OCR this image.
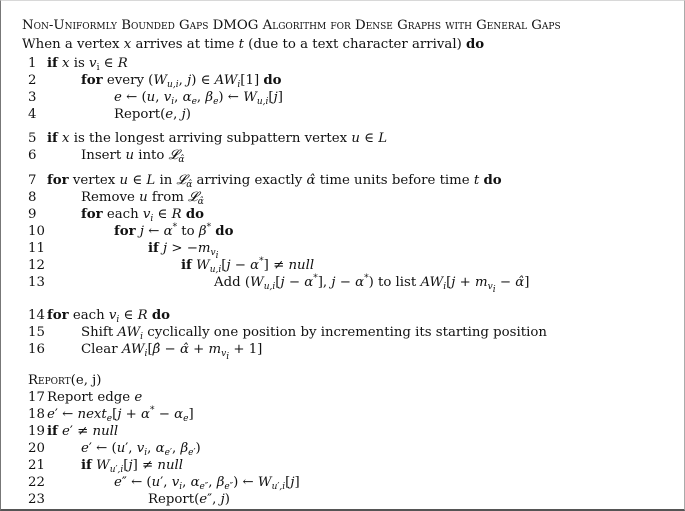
Non-Uniformly Bounded Gaps DMOG Algorithm for Dense Graphs with General Gaps
When a vertex x arrives at time t (due to a text character arrival) do
1 if x is $v_i$ ∈ R
2	for every ($W_{u,i}$, j) ∈ $AW_i[1]$ do
3	e ← (u, $v_i$, $\alpha_e$, $\beta_e$) ← $W_{u,i}[j]$
4	Report(e, j)
5 if x is the longest arriving subpattern vertex u ∈ L
6	Insert u into 𝓛$_{\alphâ}$
7 for vertex u ∈ L in 𝓛$_{\alphâ}$ arriving exactly α̂ time units before time t do
8	Remove u from 𝓛$_{\alphâ}$
9	for each $v_i$ ∈ R do
10	for j ← α* to β* do
11	if $j > -m_{v_i}$
12	if $W_{u,i}[j - \alpha^*]$ ≠ null
13	Add ($W_{u,i}[j - \alpha^*]$, j − α*) to list $AW_i[j + m_{v_i}$ − α̂]
14 for each $v_i$ ∈ R do
15	Shift $AW_i$ cyclically one position by incrementing its starting position
16	Clear $AW_i[\betâ$ − α̂ + $m_{v_i} + 1$]
Report(e, j)
17 Report edge e
18 e′ ← next$_e$[j + $\alpha^* - \alpha_e$]
19 if e′ ≠ null
20	e′ ← (u′, $v_i$, $\alpha_{e'}$, $\beta_{e'}$)
21	if $W_{u',i}[j]$ ≠ null
22	e″ ← (u′, $v_i$, $\alpha_{e''}$, $\beta_{e''}$) ← $W_{u',i}[j]$
23	Report(e″, j)
